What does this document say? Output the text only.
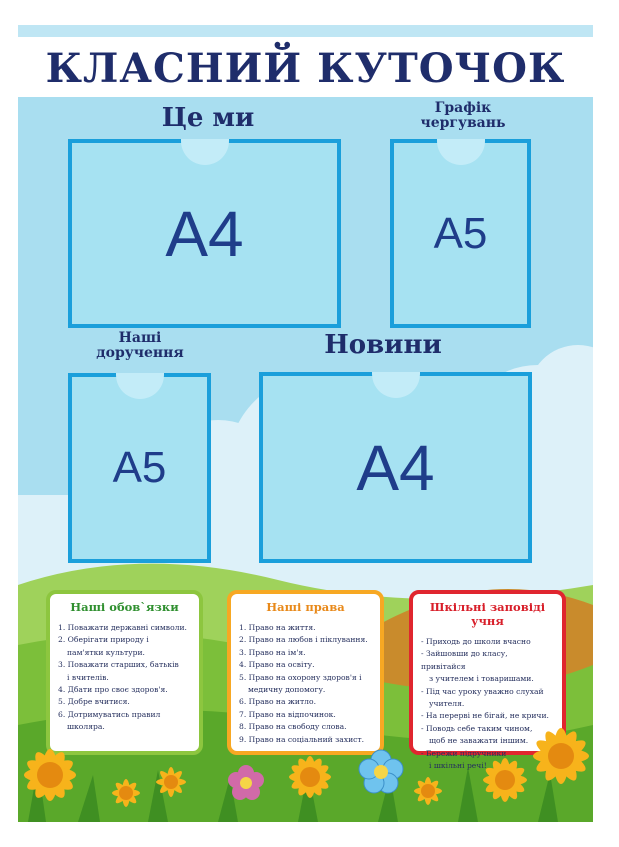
КЛАСНИЙ КУТОЧОК
Це ми	Графік
чергувань
Наші
доручення	Новини
А4	А5
А5	А4
Наші обов`язки
1. Поважати державні символи.
2. Оберігати природу і
пам'ятки культури.
3. Поважати старших, батьків
і вчителів.
4. Дбати про своє здоров'я.
5. Добре вчитися.
6. Дотримуватись правил
школяра.
Наші права
1. Право на життя.
2. Право на любов і піклування.
3. Право на ім'я.
4. Право на освіту.
5. Право на охорону здоров'я і
медичну допомогу.
6. Право на житло.
7. Право на відпочинок.
8. Право на свободу слова.
9. Право на соціальний захист.
Шкільні заповіді учня
- Приходь до школи вчасно
- Зайшовши до класу, привітайся
з учителем і товаришами.
- Під час уроку уважно слухай
учителя.
- На перерві не бігай, не кричи.
- Поводь себе таким чином,
щоб не заважати іншим.
- Бережи підручники
і шкільні речі!
